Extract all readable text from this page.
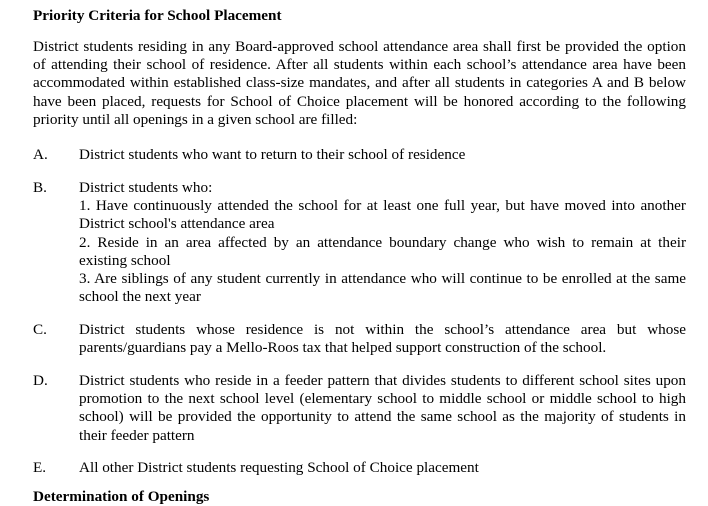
Priority Criteria for School Placement
District students residing in any Board-approved school attendance area shall first be provided the option of attending their school of residence. After all students within each school’s attendance area have been accommodated within established class-size mandates, and after all students in categories A and B below have been placed, requests for School of Choice placement will be honored according to the following priority until all openings in a given school are filled:
A.	District students who want to return to their school of residence
B.	District students who:
1. Have continuously attended the school for at least one full year, but have moved into another District school's attendance area
2. Reside in an area affected by an attendance boundary change who wish to remain at their existing school
3. Are siblings of any student currently in attendance who will continue to be enrolled at the same school the next year
C.	District students whose residence is not within the school’s attendance area but whose parents/guardians pay a Mello-Roos tax that helped support construction of the school.
D.	District students who reside in a feeder pattern that divides students to different school sites upon promotion to the next school level (elementary school to middle school or middle school to high school) will be provided the opportunity to attend the same school as the majority of students in their feeder pattern
E.	All other District students requesting School of Choice placement
Determination of Openings
